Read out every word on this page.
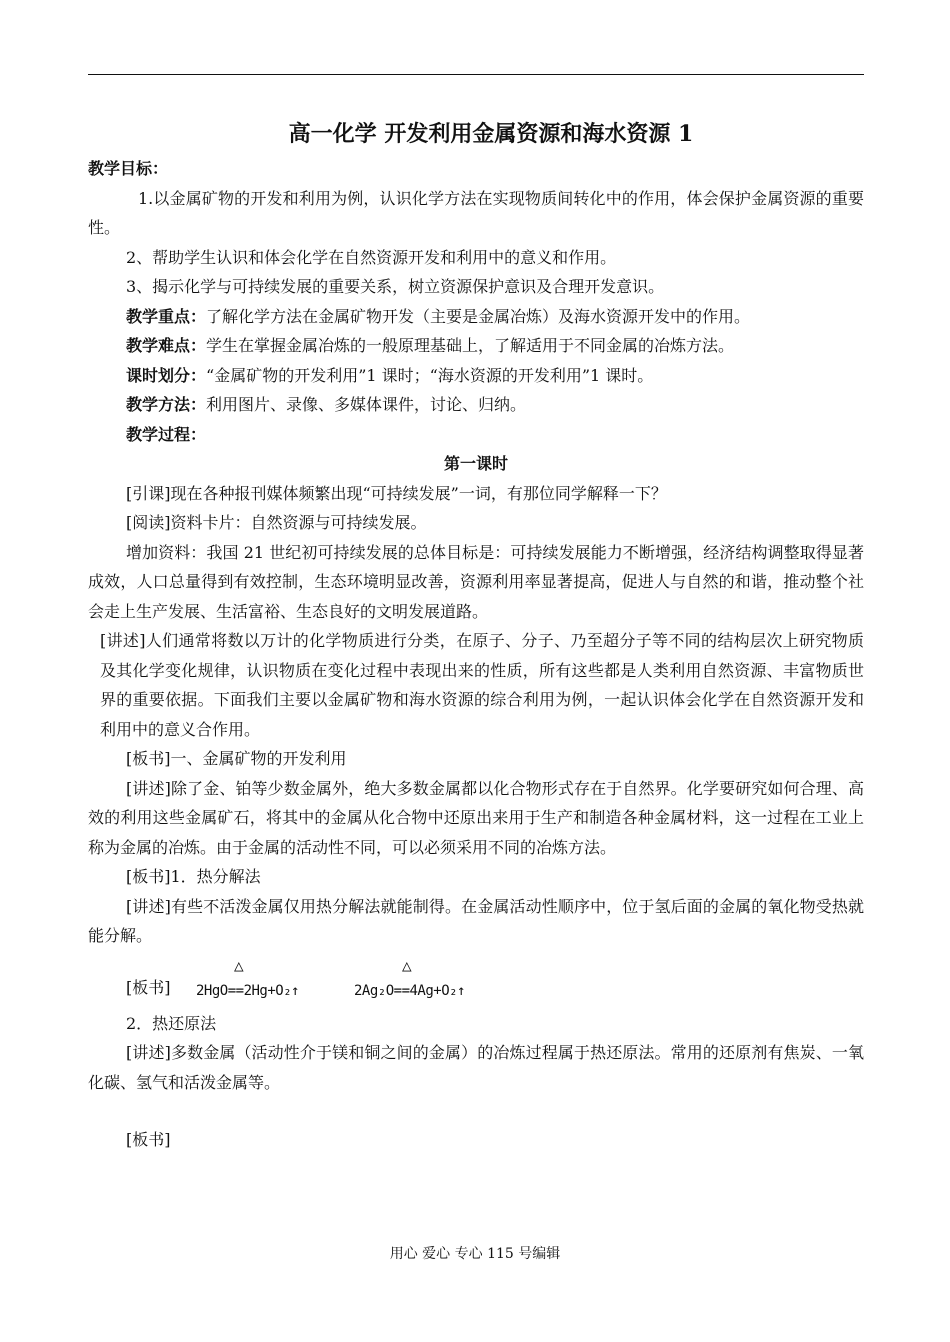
高一化学 开发利用金属资源和海水资源 1

教学目标：

1.以金属矿物的开发和利用为例，认识化学方法在实现物质间转化中的作用，体会保护金属资源的重要性。

2、帮助学生认识和体会化学在自然资源开发和利用中的意义和作用。

3、揭示化学与可持续发展的重要关系，树立资源保护意识及合理开发意识。

教学重点：了解化学方法在金属矿物开发（主要是金属冶炼）及海水资源开发中的作用。

教学难点：学生在掌握金属冶炼的一般原理基础上，了解适用于不同金属的冶炼方法。

课时划分：“金属矿物的开发利用”1 课时；“海水资源的开发利用”1 课时。

教学方法：利用图片、录像、多媒体课件，讨论、归纳。

教学过程：

第一课时

[引课]现在各种报刊媒体频繁出现“可持续发展”一词，有那位同学解释一下？

[阅读]资料卡片：自然资源与可持续发展。

增加资料：我国 21 世纪初可持续发展的总体目标是：可持续发展能力不断增强，经济结构调整取得显著成效，人口总量得到有效控制，生态环境明显改善，资源利用率显著提高，促进人与自然的和谐，推动整个社会走上生产发展、生活富裕、生态良好的文明发展道路。

[讲述]人们通常将数以万计的化学物质进行分类，在原子、分子、乃至超分子等不同的结构层次上研究物质及其化学变化规律，认识物质在变化过程中表现出来的性质，所有这些都是人类利用自然资源、丰富物质世界的重要依据。下面我们主要以金属矿物和海水资源的综合利用为例，一起认识体会化学在自然资源开发和利用中的意义合作用。

[板书]一、金属矿物的开发利用

[讲述]除了金、铂等少数金属外，绝大多数金属都以化合物形式存在于自然界。化学要研究如何合理、高效的利用这些金属矿石，将其中的金属从化合物中还原出来用于生产和制造各种金属材料，这一过程在工业上称为金属的冶炼。由于金属的活动性不同，可以必须采用不同的冶炼方法。

[板书]1．热分解法

[讲述]有些不活泼金属仅用热分解法就能制得。在金属活动性顺序中，位于氢后面的金属的氧化物受热就能分解。

[板书]
△
2HgO==2Hg+O₂↑
△
2Ag₂O==4Ag+O₂↑

2．热还原法

[讲述]多数金属（活动性介于镁和铜之间的金属）的冶炼过程属于热还原法。常用的还原剂有焦炭、一氧化碳、氢气和活泼金属等。

[板书]

用心 爱心 专心 115 号编辑
